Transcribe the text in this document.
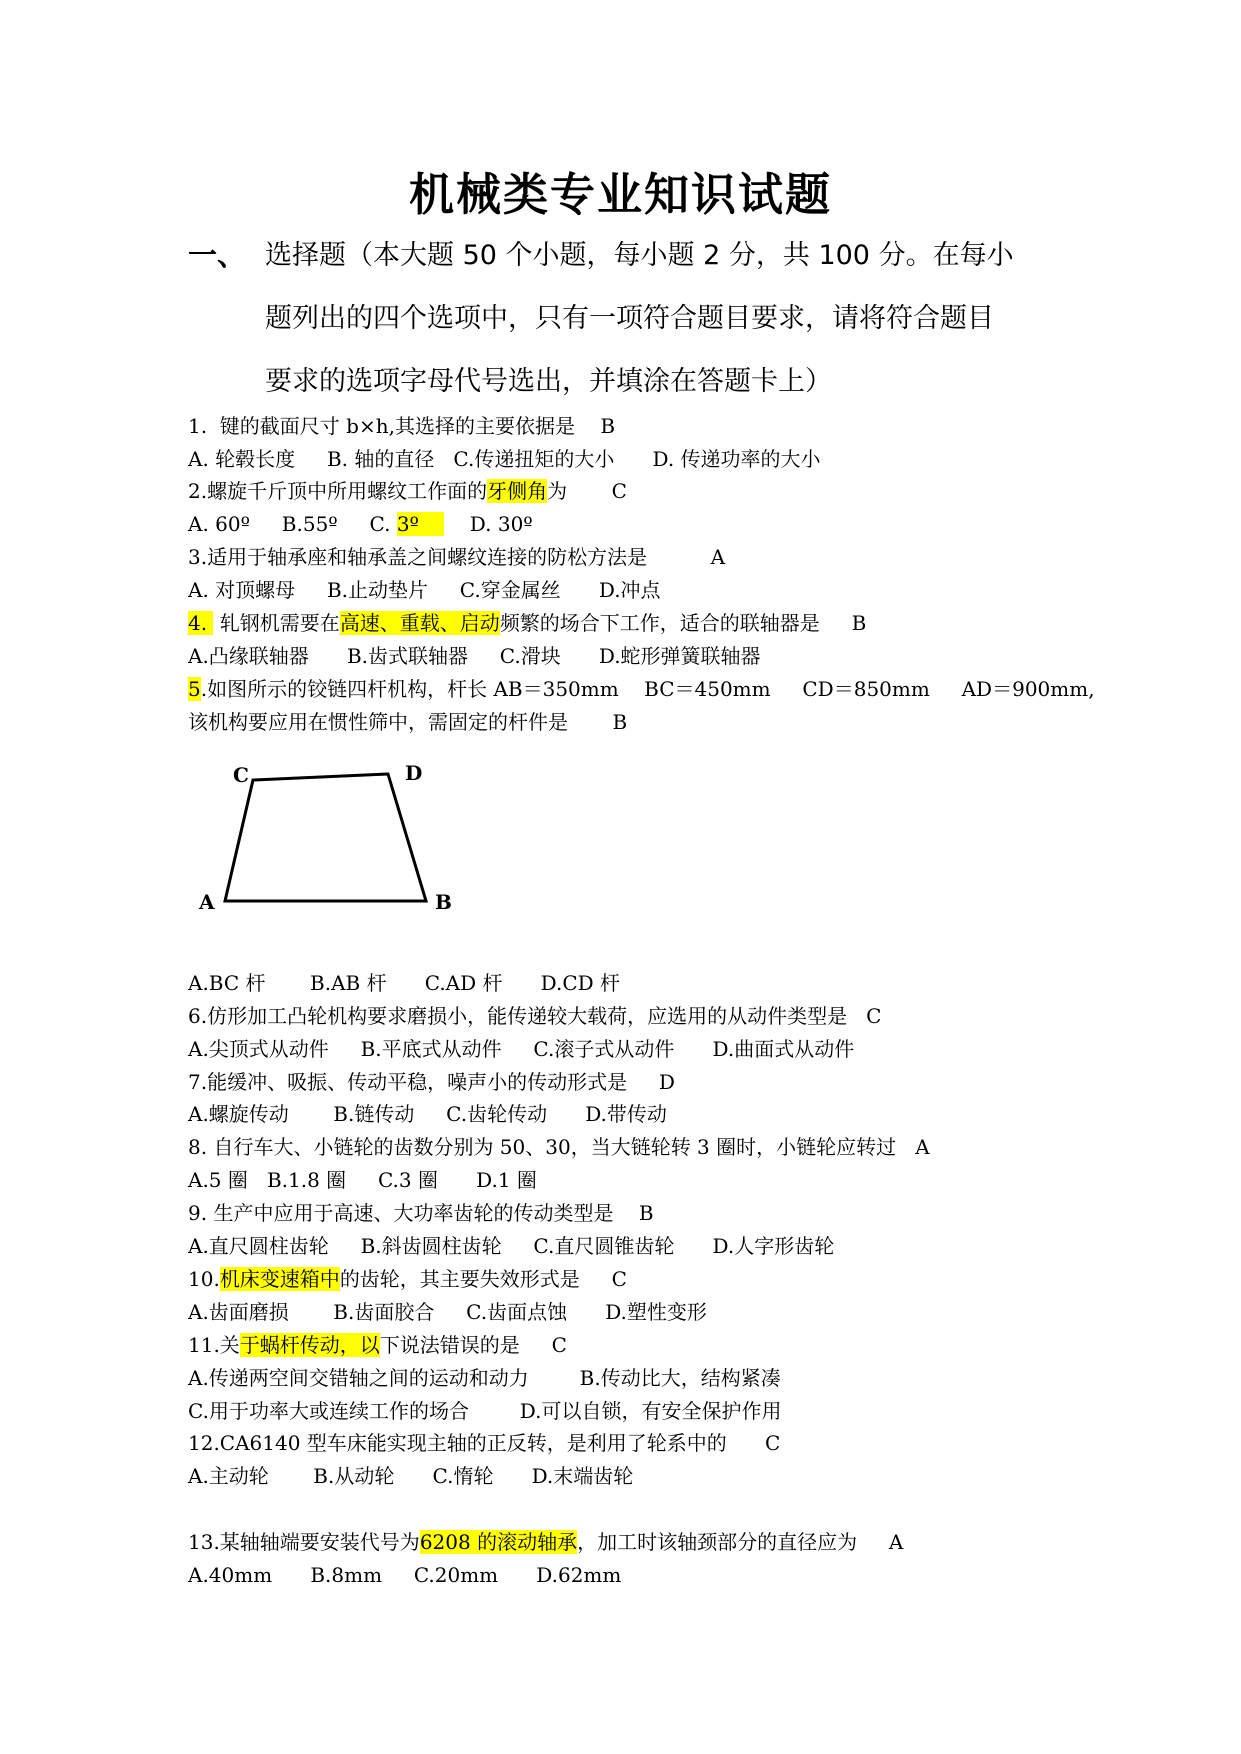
机械类专业知识试题
一、 选择题（本大题 50 个小题，每小题 2 分，共 100 分。在每小
题列出的四个选项中，只有一项符合题目要求，请将符合题目
要求的选项字母代号选出，并填涂在答题卡上）
1.  键的截面尺寸 b×h,其选择的主要依据是    B
A. 轮毂长度     B. 轴的直径   C.传递扭矩的大小      D. 传递功率的大小
2.螺旋千斤顶中所用螺纹工作面的牙侧角为       C
A. 60º     B.55º     C. 3º        D. 30º
3.适用于轴承座和轴承盖之间螺纹连接的防松方法是          A
A. 对顶螺母     B.止动垫片     C.穿金属丝      D.冲点
4.  轧钢机需要在高速、重载、启动频繁的场合下工作，适合的联轴器是     B
A.凸缘联轴器      B.齿式联轴器     C.滑块      D.蛇形弹簧联轴器
5.如图所示的铰链四杆机构，杆长 AB＝350mm    BC＝450mm     CD＝850mm     AD＝900mm,
该机构要应用在惯性筛中，需固定的杆件是       B
A	B
C	D
A.BC 杆       B.AB 杆      C.AD 杆      D.CD 杆
6.仿形加工凸轮机构要求磨损小，能传递较大载荷，应选用的从动件类型是   C
A.尖顶式从动件     B.平底式从动件     C.滚子式从动件      D.曲面式从动件
7.能缓冲、吸振、传动平稳，噪声小的传动形式是     D
A.螺旋传动       B.链传动     C.齿轮传动      D.带传动
8. 自行车大、小链轮的齿数分别为 50、30，当大链轮转 3 圈时，小链轮应转过   A
A.5 圈   B.1.8 圈     C.3 圈      D.1 圈
9. 生产中应用于高速、大功率齿轮的传动类型是    B
A.直尺圆柱齿轮     B.斜齿圆柱齿轮     C.直尺圆锥齿轮      D.人字形齿轮
10.机床变速箱中的齿轮，其主要失效形式是     C
A.齿面磨损       B.齿面胶合     C.齿面点蚀      D.塑性变形
11.关于蜗杆传动，以下说法错误的是     C
A.传递两空间交错轴之间的运动和动力        B.传动比大，结构紧凑
C.用于功率大或连续工作的场合        D.可以自锁，有安全保护作用
12.CA6140 型车床能实现主轴的正反转，是利用了轮系中的      C
A.主动轮       B.从动轮      C.惰轮      D.末端齿轮
13.某轴轴端要安装代号为6208 的滚动轴承，加工时该轴颈部分的直径应为     A
A.40mm      B.8mm     C.20mm      D.62mm
